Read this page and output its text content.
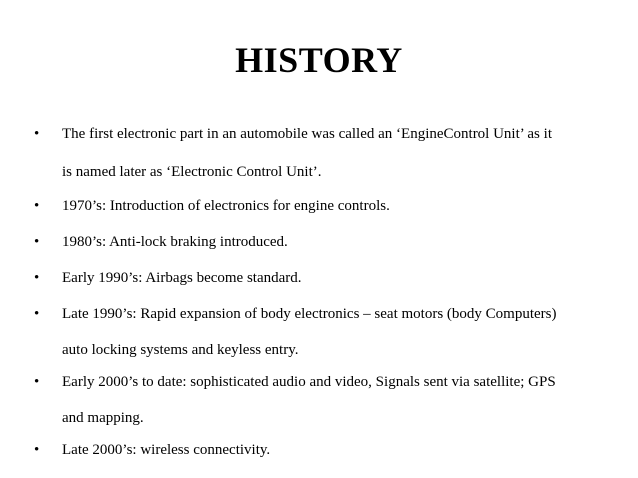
HISTORY
• The first electronic part in an automobile was called an ‘EngineControl Unit’ as it
is named later as ‘Electronic Control Unit’.
• 1970’s: Introduction of electronics for engine controls.
• 1980’s: Anti-lock braking introduced.
• Early 1990’s: Airbags become standard.
• Late 1990’s: Rapid expansion of body electronics – seat motors (body Computers)
auto locking systems and keyless entry.
• Early 2000’s to date: sophisticated audio and video, Signals sent via satellite; GPS
and mapping.
• Late 2000’s: wireless connectivity.
